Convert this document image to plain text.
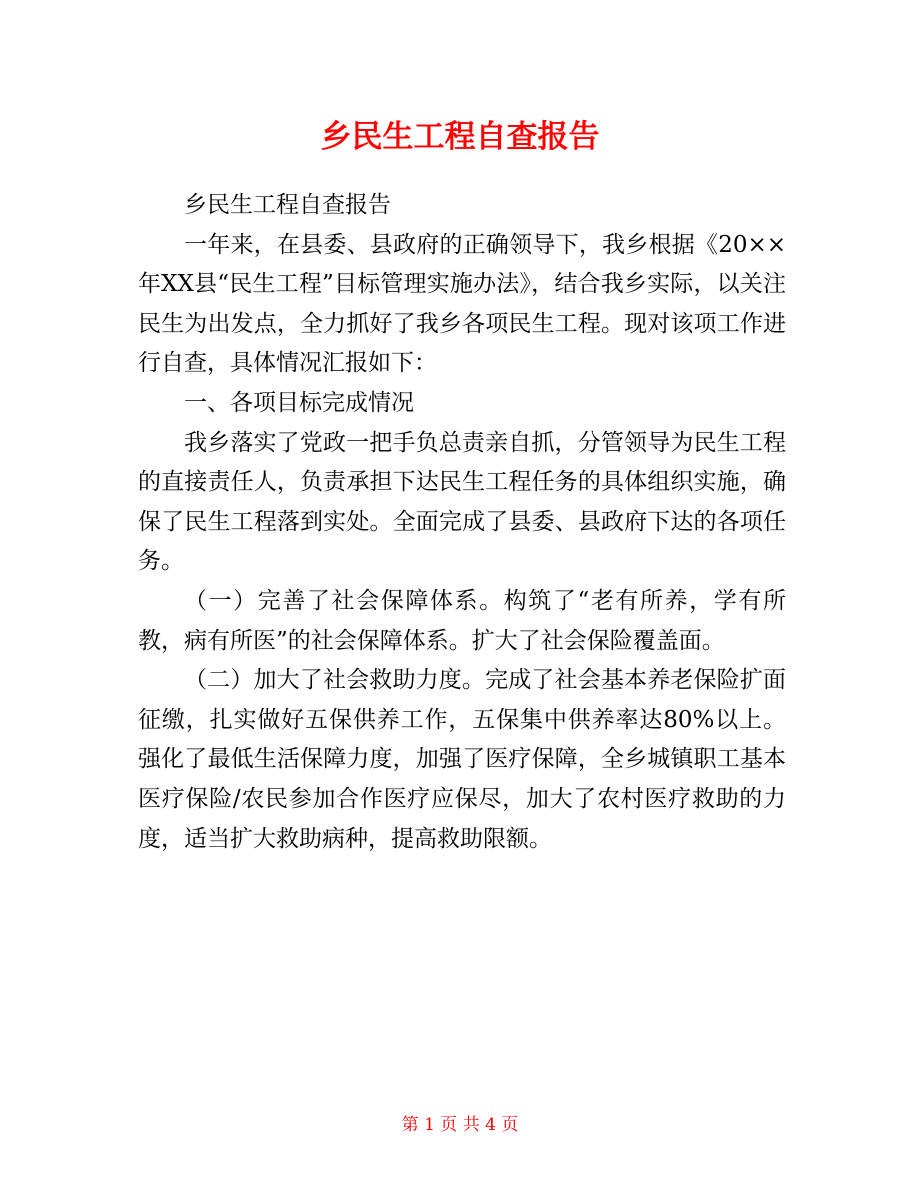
乡民生工程自查报告

乡民生工程自查报告

一年来，在县委、县政府的正确领导下，我乡根据《20××年XX县“民生工程”目标管理实施办法》，结合我乡实际，以关注民生为出发点，全力抓好了我乡各项民生工程。现对该项工作进行自查，具体情况汇报如下：

一、各项目标完成情况

我乡落实了党政一把手负总责亲自抓，分管领导为民生工程的直接责任人，负责承担下达民生工程任务的具体组织实施，确保了民生工程落到实处。全面完成了县委、县政府下达的各项任务。

（一）完善了社会保障体系。构筑了“老有所养，学有所教，病有所医”的社会保障体系。扩大了社会保险覆盖面。

（二）加大了社会救助力度。完成了社会基本养老保险扩面征缴，扎实做好五保供养工作，五保集中供养率达80%以上。强化了最低生活保障力度，加强了医疗保障，全乡城镇职工基本医疗保险/农民参加合作医疗应保尽，加大了农村医疗救助的力度，适当扩大救助病种，提高救助限额。

第 1 页 共 4 页
